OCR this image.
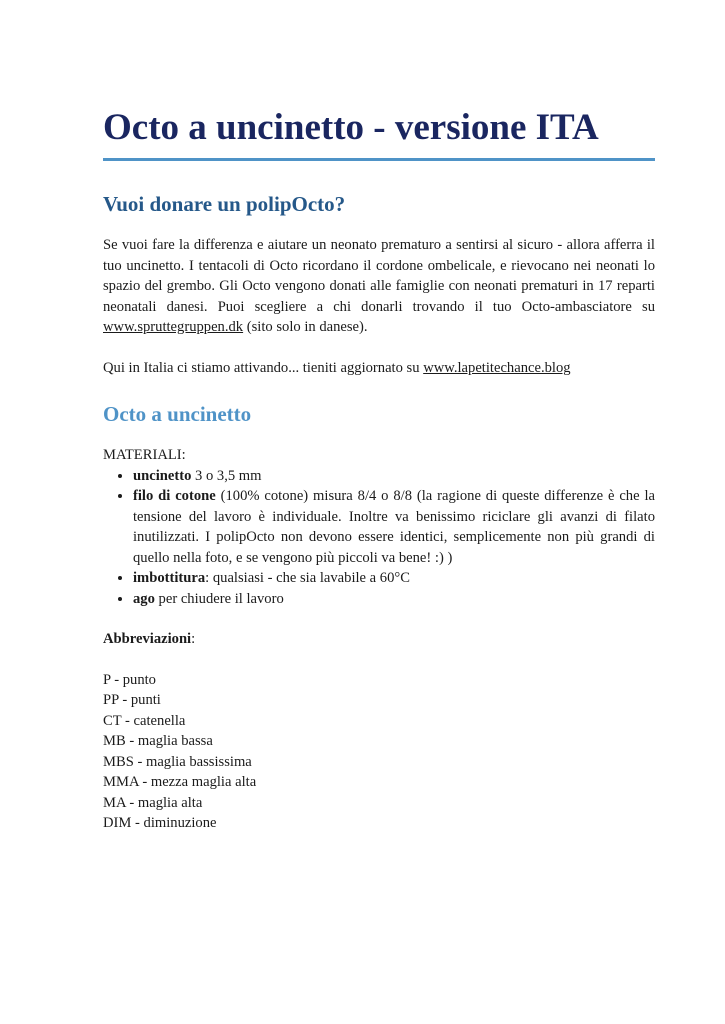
Octo a uncinetto - versione ITA
Vuoi donare un polipOcto?

Se vuoi fare la differenza e aiutare un neonato prematuro a sentirsi al sicuro - allora afferra il tuo uncinetto. I tentacoli di Octo ricordano il cordone ombelicale, e rievocano nei neonati lo spazio del grembo. Gli Octo vengono donati alle famiglie con neonati prematuri in 17 reparti neonatali danesi. Puoi scegliere a chi donarli trovando il tuo Octo-ambasciatore su www.spruttegruppen.dk (sito solo in danese).

Qui in Italia ci stiamo attivando... tieniti aggiornato su www.lapetitechance.blog

Octo a uncinetto
MATERIALI:
• uncinetto 3 o 3,5 mm
• filo di cotone (100% cotone) misura 8/4 o 8/8 (la ragione di queste differenze è che la tensione del lavoro è individuale. Inoltre va benissimo riciclare gli avanzi di filato inutilizzati. I polipOcto non devono essere identici, semplicemente non più grandi di quello nella foto, e se vengono più piccoli va bene! :) )
• imbottitura: qualsiasi - che sia lavabile a 60°C
• ago per chiudere il lavoro
Abbreviazioni:
P - punto
PP - punti
CT - catenella
MB - maglia bassa
MBS - maglia bassissima
MMA - mezza maglia alta
MA - maglia alta
DIM - diminuzione
